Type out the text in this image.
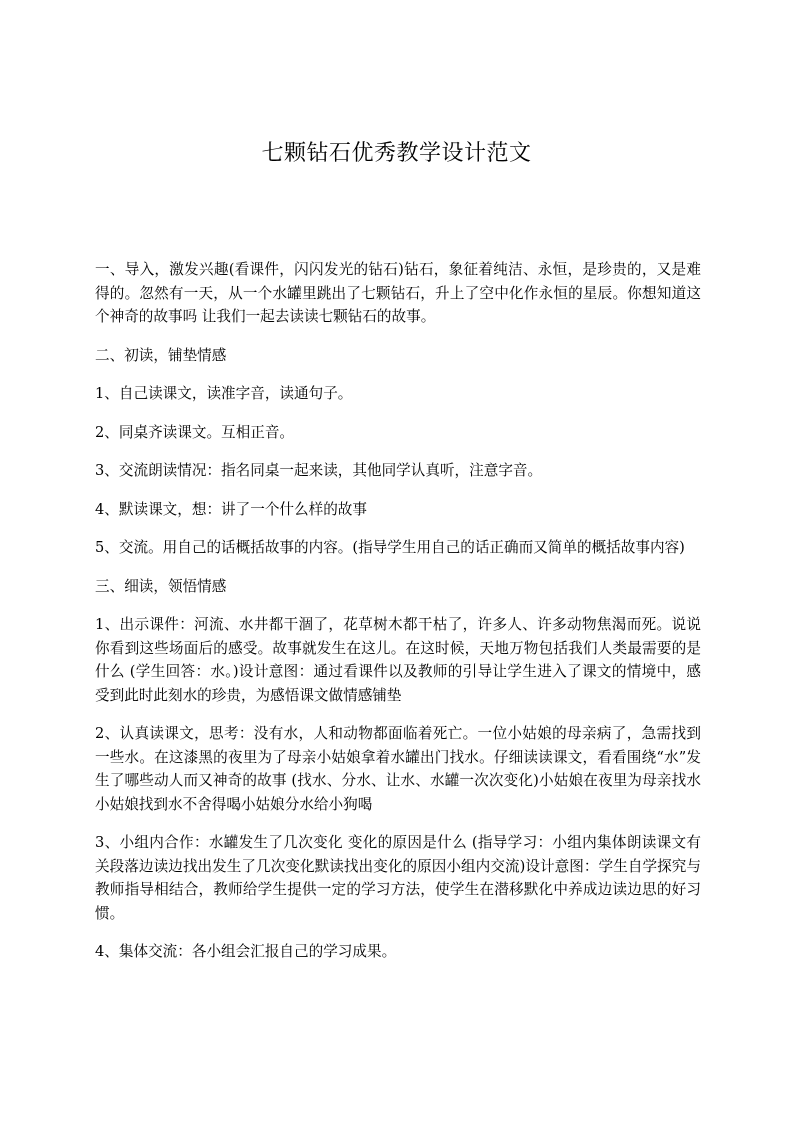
七颗钻石优秀教学设计范文

一、导入，激发兴趣(看课件，闪闪发光的钻石)钻石，象征着纯洁、永恒，是珍贵的，又是难得的。忽然有一天，从一个水罐里跳出了七颗钻石，升上了空中化作永恒的星辰。你想知道这个神奇的故事吗 让我们一起去读读七颗钻石的故事。

二、初读，铺垫情感

1、自己读课文，读准字音，读通句子。

2、同桌齐读课文。互相正音。

3、交流朗读情况：指名同桌一起来读，其他同学认真听，注意字音。

4、默读课文，想：讲了一个什么样的故事

5、交流。用自己的话概括故事的内容。(指导学生用自己的话正确而又简单的概括故事内容)

三、细读，领悟情感

1、出示课件：河流、水井都干涸了，花草树木都干枯了，许多人、许多动物焦渴而死。说说你看到这些场面后的感受。故事就发生在这儿。在这时候，天地万物包括我们人类最需要的是什么 (学生回答：水。)设计意图：通过看课件以及教师的引导让学生进入了课文的情境中，感受到此时此刻水的珍贵，为感悟课文做情感铺垫

2、认真读课文，思考：没有水，人和动物都面临着死亡。一位小姑娘的母亲病了，急需找到一些水。在这漆黑的夜里为了母亲小姑娘拿着水罐出门找水。仔细读读课文，看看围绕“水”发生了哪些动人而又神奇的故事 (找水、分水、让水、水罐一次次变化)小姑娘在夜里为母亲找水小姑娘找到水不舍得喝小姑娘分水给小狗喝

3、小组内合作：水罐发生了几次变化 变化的原因是什么 (指导学习：小组内集体朗读课文有关段落边读边找出发生了几次变化默读找出变化的原因小组内交流)设计意图：学生自学探究与教师指导相结合，教师给学生提供一定的学习方法，使学生在潜移默化中养成边读边思的好习惯。

4、集体交流：各小组会汇报自己的学习成果。
